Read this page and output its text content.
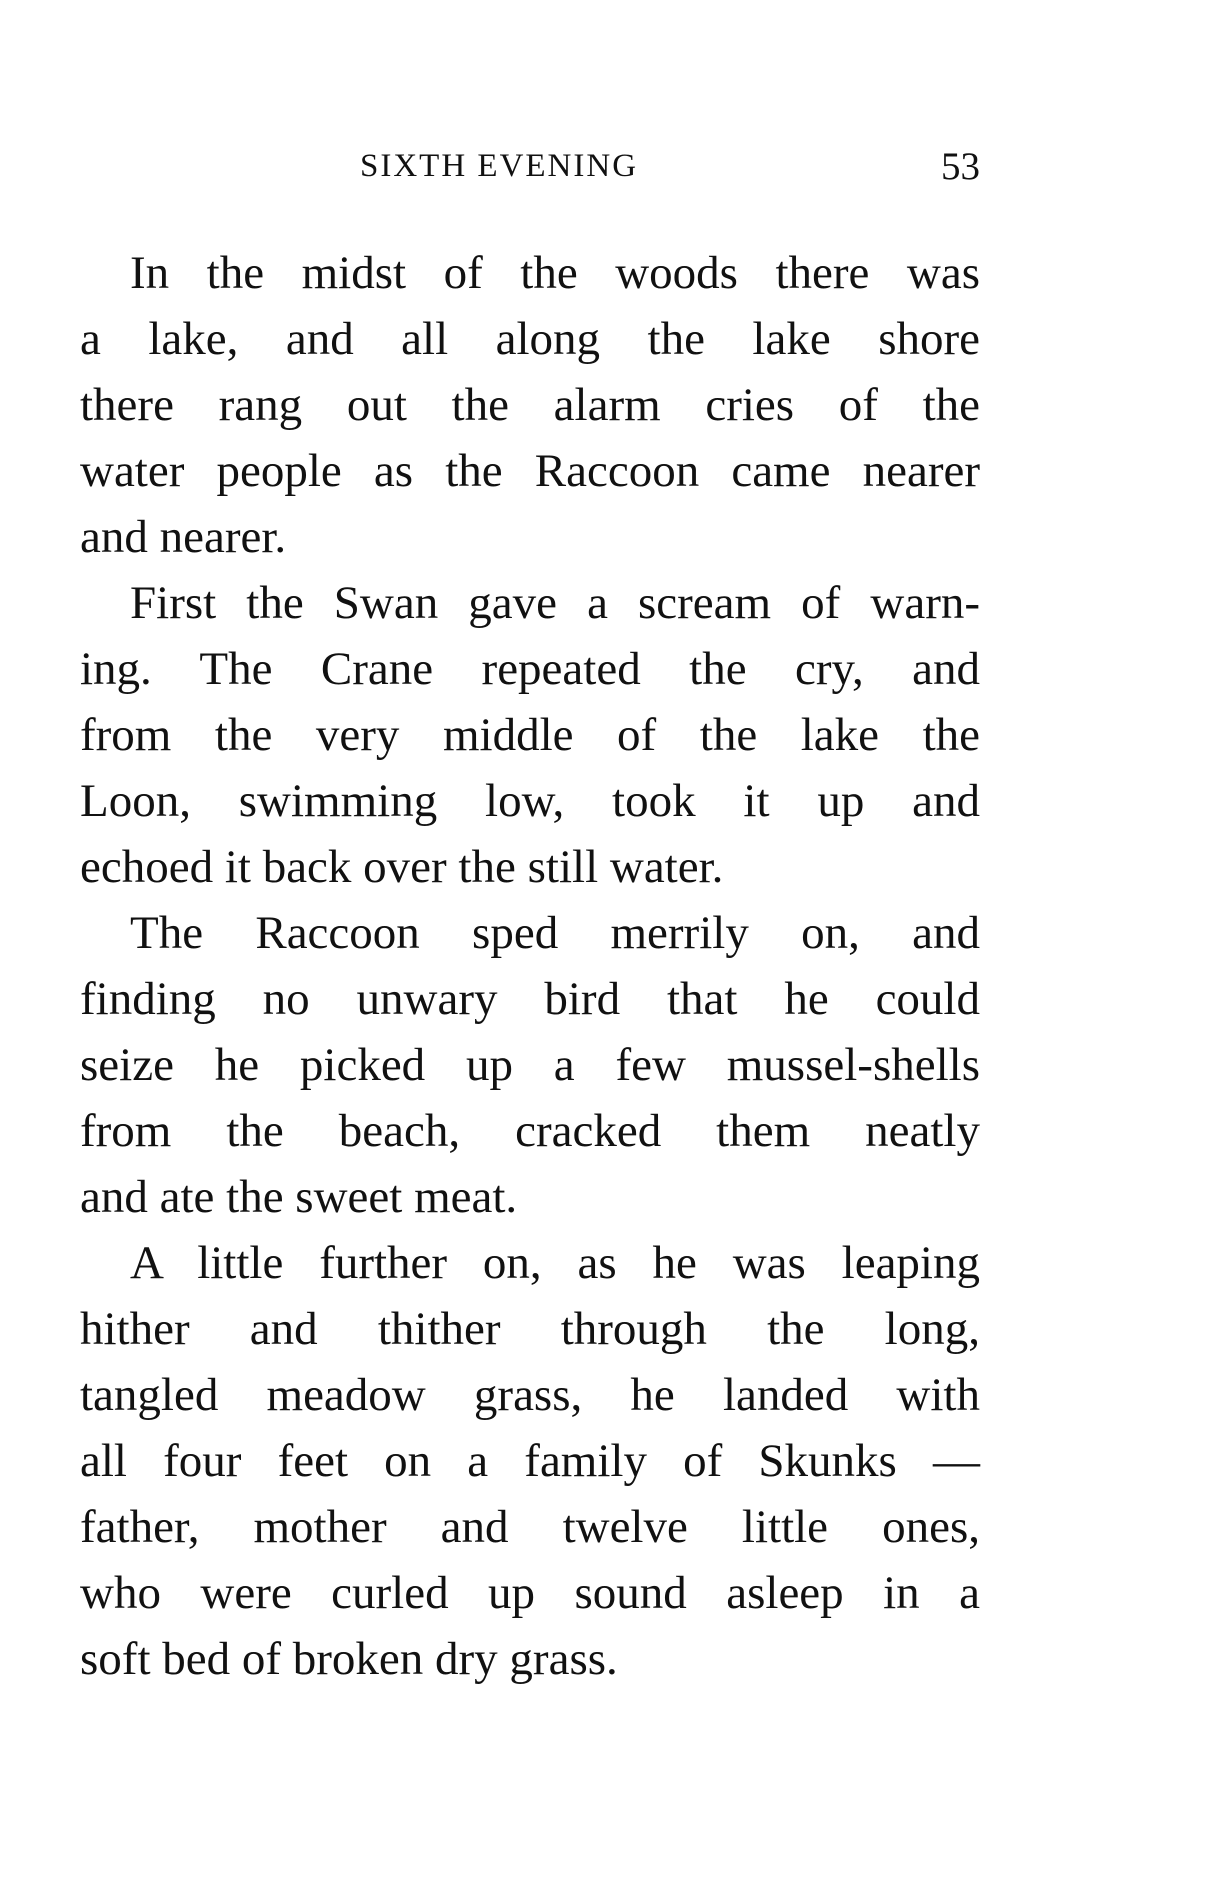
SIXTH EVENING	53

In the midst of the woods there was
a lake, and all along the lake shore
there rang out the alarm cries of the
water people as the Raccoon came nearer
and nearer.

First the Swan gave a scream of warn-
ing. The Crane repeated the cry, and
from the very middle of the lake the
Loon, swimming low, took it up and
echoed it back over the still water.

The Raccoon sped merrily on, and
finding no unwary bird that he could
seize he picked up a few mussel-shells
from the beach, cracked them neatly
and ate the sweet meat.

A little further on, as he was leaping
hither and thither through the long,
tangled meadow grass, he landed with
all four feet on a family of Skunks —
father, mother and twelve little ones,
who were curled up sound asleep in a
soft bed of broken dry grass.
